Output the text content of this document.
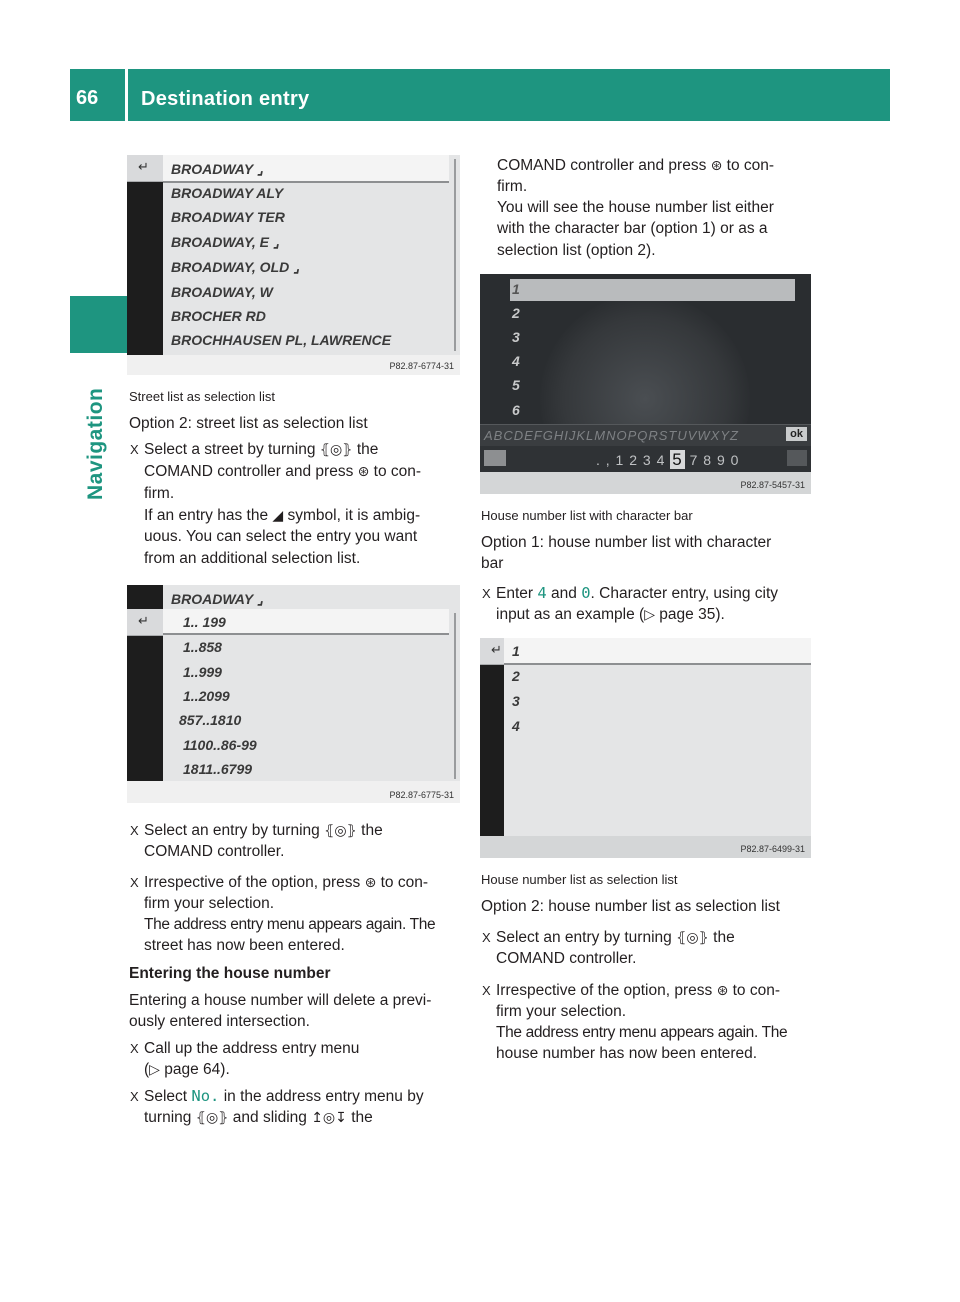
66 Destination entry
Navigation
↵
BROADWAY ⌟
BROADWAY ALY
BROADWAY TER
BROADWAY, E ⌟
BROADWAY, OLD ⌟
BROADWAY, W
BROCHER RD
BROCHHAUSEN PL, LAWRENCE
P82.87-6774-31
Street list as selection list
Option 2: street list as selection list
X Select a street by turning ⦃◎⦄ the
COMAND controller and press ⊛ to con-
firm.
If an entry has the ◢ symbol, it is ambig-
uous. You can select the entry you want
from an additional selection list.
BROADWAY ⌟
↵
1.. 199
1..858
1..999
1..2099
857..1810
1100..86-99
1811..6799
P82.87-6775-31
X Select an entry by turning ⦃◎⦄ the
COMAND controller.
X Irrespective of the option, press ⊛ to con-
firm your selection.
The address entry menu appears again. The
street has now been entered.
Entering the house number
Entering a house number will delete a previ-
ously entered intersection.
X Call up the address entry menu
(▷ page 64).
X Select No. in the address entry menu by
turning ⦃◎⦄ and sliding ↥◎↧ the
COMAND controller and press ⊛ to con-
firm.
You will see the house number list either
with the character bar (option 1) or as a
selection list (option 2).
1
2
3
4
5
6
ABCDEFGHIJKLMNOPQRSTUVWXYZ	ok
. , 1 2 3 4 5 7 8 9 0
P82.87-5457-31
House number list with character bar
Option 1: house number list with character
bar
X Enter 4 and 0. Character entry, using city
input as an example (▷ page 35).
↵
1
2
3
4
P82.87-6499-31
House number list as selection list
Option 2: house number list as selection list
X Select an entry by turning ⦃◎⦄ the
COMAND controller.
X Irrespective of the option, press ⊛ to con-
firm your selection.
The address entry menu appears again. The
house number has now been entered.
